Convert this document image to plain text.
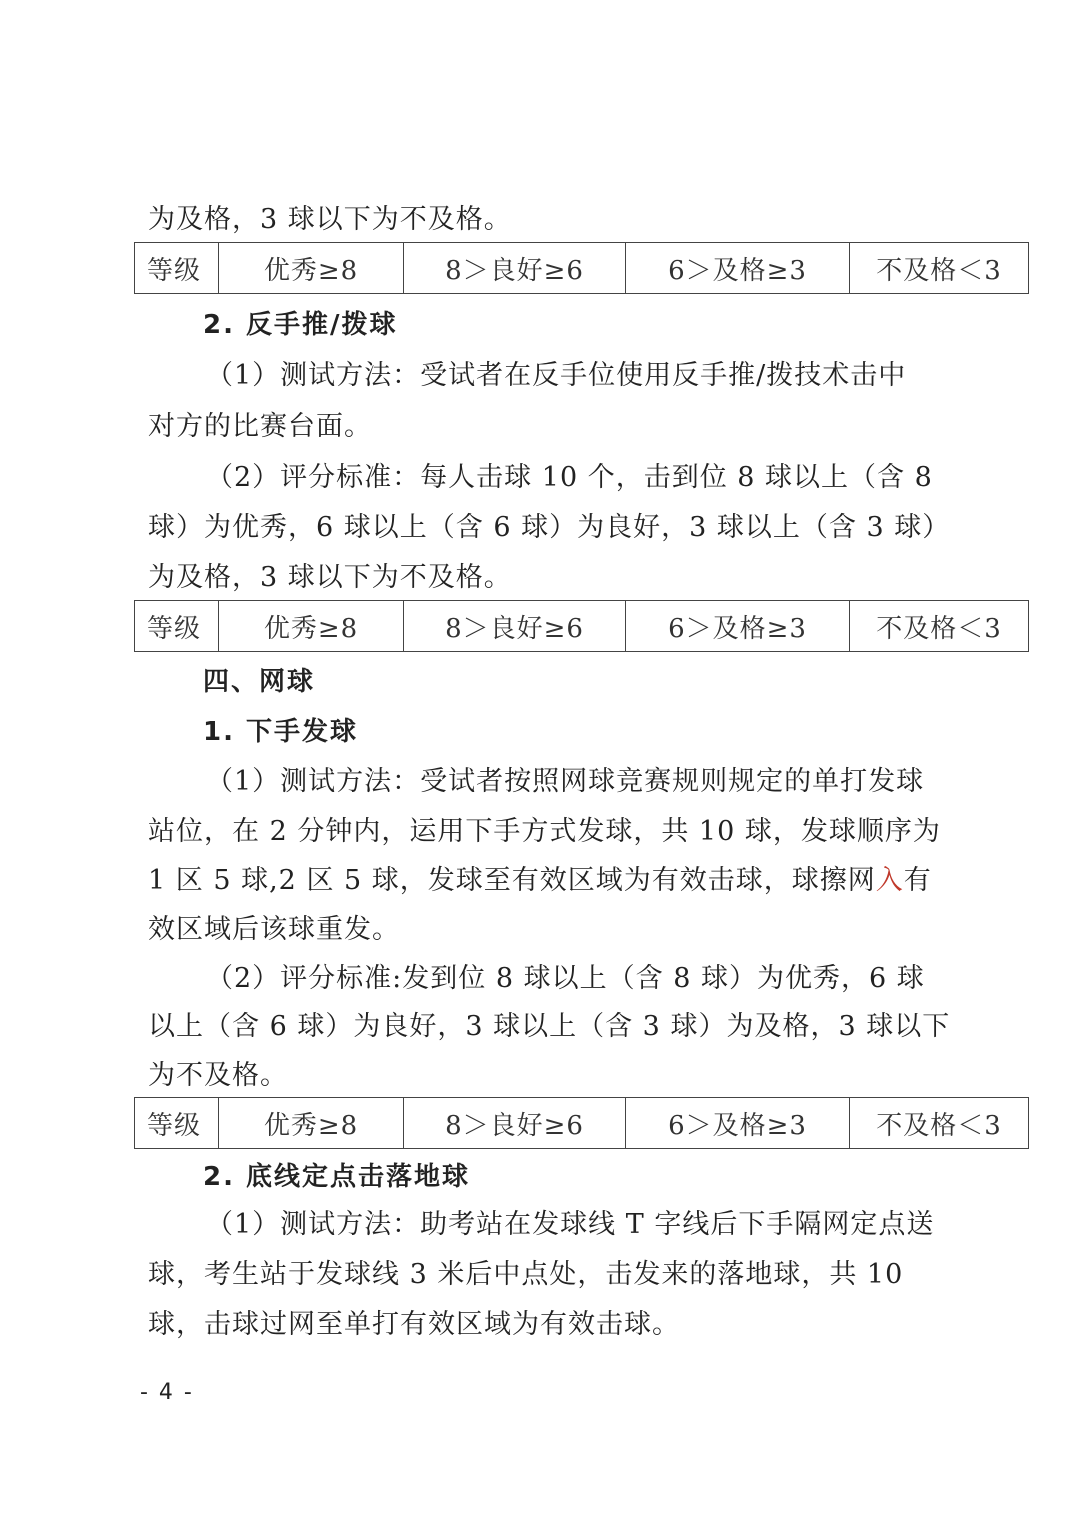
为及格，3 球以下为不及格。
等级	优秀≥8	8＞良好≥6	6＞及格≥3	不及格＜3
2. 反手推/拨球
（1）测试方法：受试者在反手位使用反手推/拨技术击中
对方的比赛台面。
（2）评分标准：每人击球 10 个，击到位 8 球以上（含 8
球）为优秀，6 球以上（含 6 球）为良好，3 球以上（含 3 球）
为及格，3 球以下为不及格。
等级	优秀≥8	8＞良好≥6	6＞及格≥3	不及格＜3
四、网球
1. 下手发球
（1）测试方法：受试者按照网球竞赛规则规定的单打发球
站位，在 2 分钟内，运用下手方式发球，共 10 球，发球顺序为
1 区 5 球,2 区 5 球，发球至有效区域为有效击球，球擦网入有
效区域后该球重发。
（2）评分标准:发到位 8 球以上（含 8 球）为优秀，6 球
以上（含 6 球）为良好，3 球以上（含 3 球）为及格，3 球以下
为不及格。
等级	优秀≥8	8＞良好≥6	6＞及格≥3	不及格＜3
2. 底线定点击落地球
（1）测试方法：助考站在发球线 T 字线后下手隔网定点送
球，考生站于发球线 3 米后中点处，击发来的落地球，共 10
球，击球过网至单打有效区域为有效击球。
- 4 -
